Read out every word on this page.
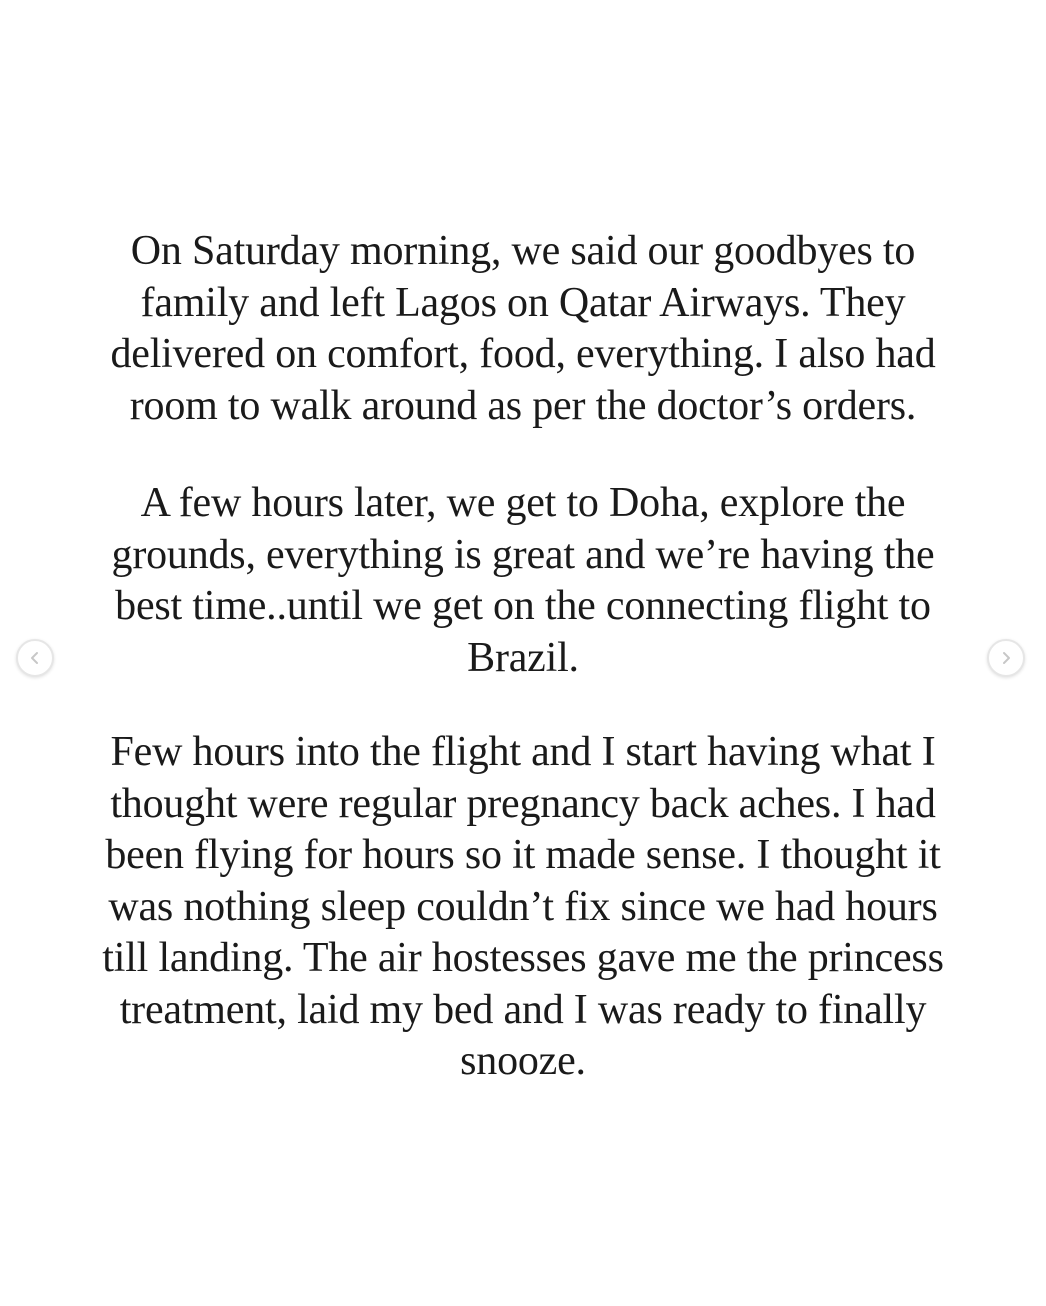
On Saturday morning, we said our goodbyes to
family and left Lagos on Qatar Airways. They
delivered on comfort, food, everything. I also had
room to walk around as per the doctor’s orders.
A few hours later, we get to Doha, explore the
grounds, everything is great and we’re having the
best time..until we get on the connecting flight to
Brazil.
Few hours into the flight and I start having what I
thought were regular pregnancy back aches. I had
been flying for hours so it made sense. I thought it
was nothing sleep couldn’t fix since we had hours
till landing. The air hostesses gave me the princess
treatment, laid my bed and I was ready to finally
snooze.
